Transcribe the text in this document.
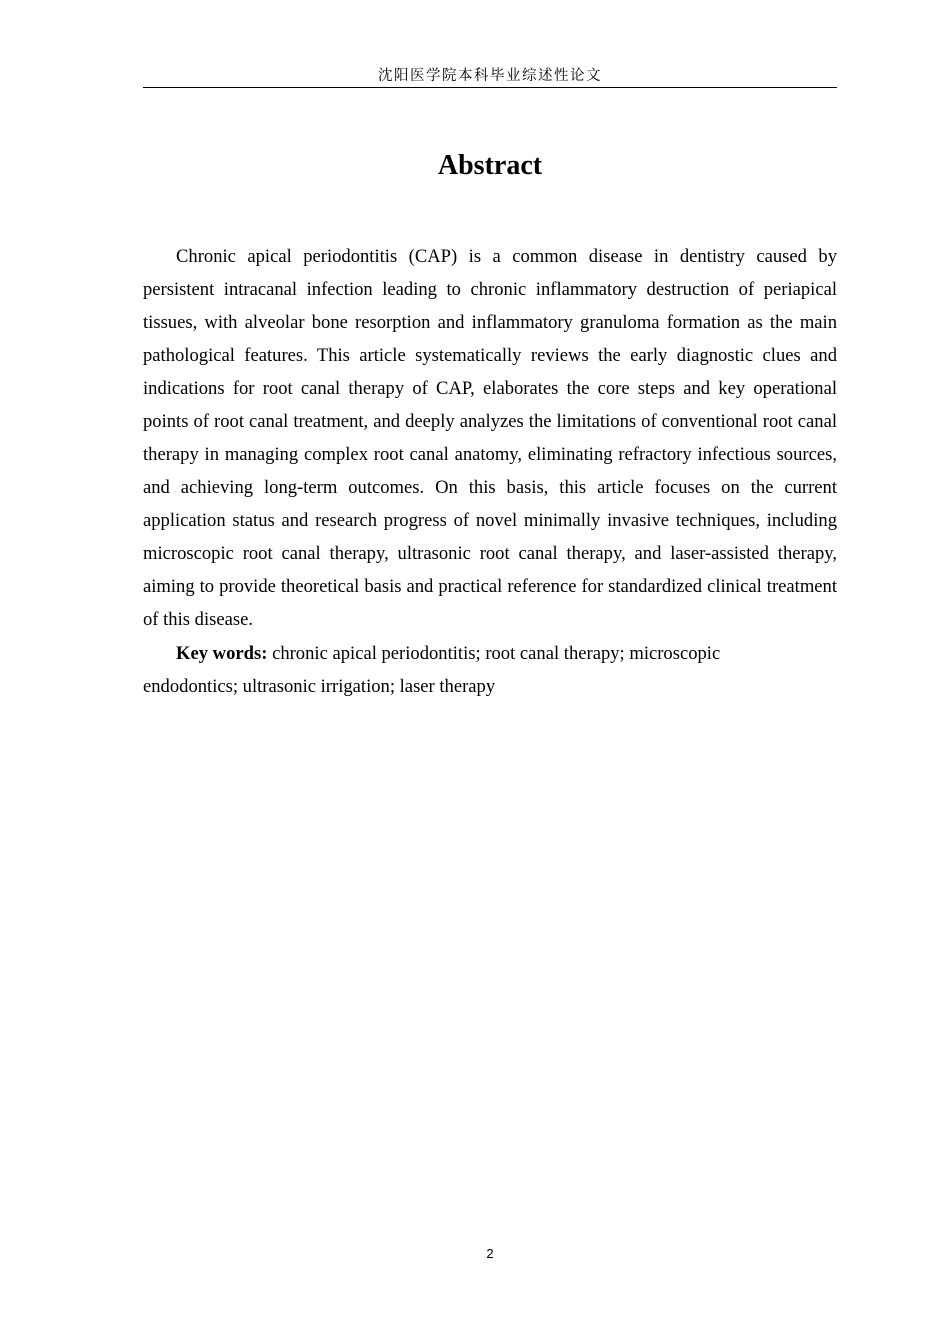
沈阳医学院本科毕业综述性论文
Abstract

Chronic apical periodontitis (CAP) is a common disease in dentistry caused by persistent intracanal infection leading to chronic inflammatory destruction of periapical tissues, with alveolar bone resorption and inflammatory granuloma formation as the main pathological features. This article systematically reviews the early diagnostic clues and indications for root canal therapy of CAP, elaborates the core steps and key operational points of root canal treatment, and deeply analyzes the limitations of conventional root canal therapy in managing complex root canal anatomy, eliminating refractory infectious sources, and achieving long-term outcomes. On this basis, this article focuses on the current application status and research progress of novel minimally invasive techniques, including microscopic root canal therapy, ultrasonic root canal therapy, and laser-assisted therapy, aiming to provide theoretical basis and practical reference for standardized clinical treatment of this disease.

Key words: chronic apical periodontitis; root canal therapy; microscopic
endodontics; ultrasonic irrigation; laser therapy

2
